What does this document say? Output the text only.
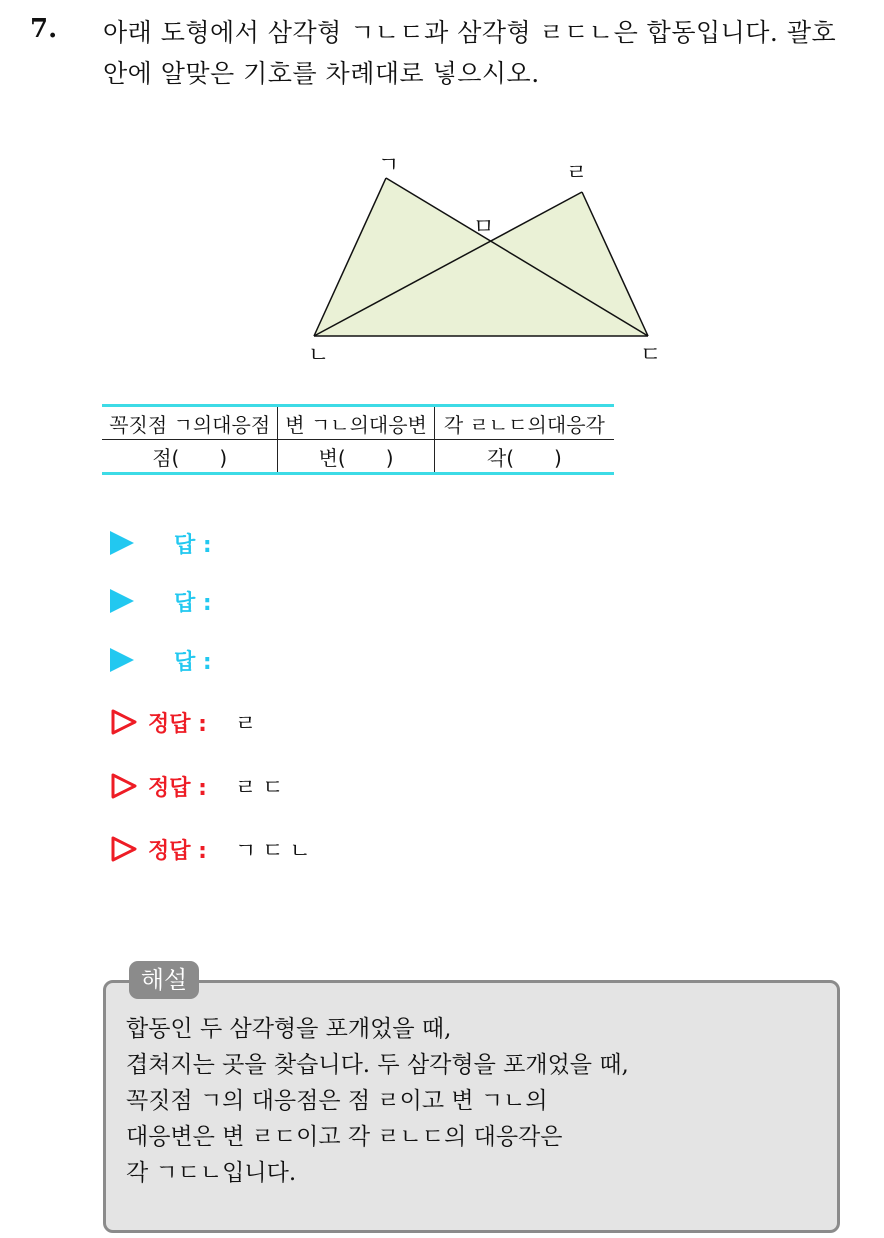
7. 아래 도형에서 삼각형 ㄱㄴㄷ과 삼각형 ㄹㄷㄴ은 합동입니다. 괄호
안에 알맞은 기호를 차례대로 넣으시오.
ㄱ	ㄹ
ㅁ
ㄴ	ㄷ
꼭짓점 ㄱ의대응점	변 ㄱㄴ의대응변	각 ㄹㄴㄷ의대응각
점(　　)	변(　　)	각(　　)
답 :
답 :
답 :
정답 : ㄹ
정답 : ㄹㄷ
정답 : ㄱㄷㄴ
해설
합동인 두 삼각형을 포개었을 때,
겹쳐지는 곳을 찾습니다. 두 삼각형을 포개었을 때,
꼭짓점 ㄱ의 대응점은 점 ㄹ이고 변 ㄱㄴ의
대응변은 변 ㄹㄷ이고 각 ㄹㄴㄷ의 대응각은
각 ㄱㄷㄴ입니다.
